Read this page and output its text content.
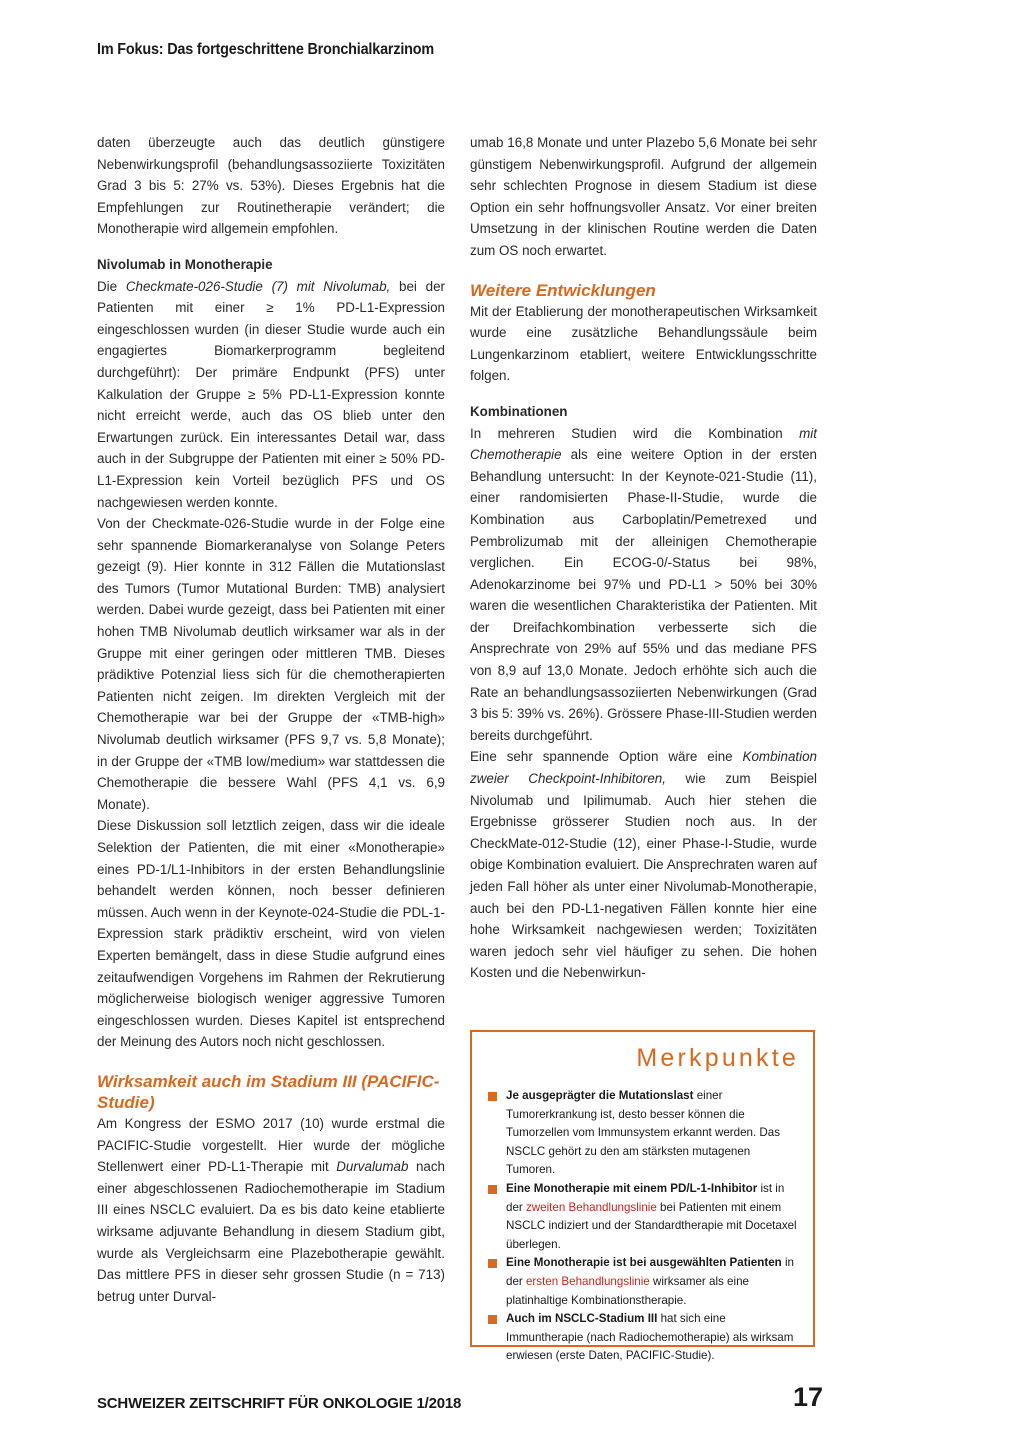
Im Fokus: Das fortgeschrittene Bronchialkarzinom

daten überzeugte auch das deutlich günstigere Nebenwirkungsprofil (behandlungsassoziierte Toxizitäten Grad 3 bis 5: 27% vs. 53%). Dieses Ergebnis hat die Empfehlungen zur Routinetherapie verändert; die Monotherapie wird allgemein empfohlen.

Nivolumab in Monotherapie

Die Checkmate-026-Studie (7) mit Nivolumab, bei der Patienten mit einer ≥ 1% PD-L1-Expression eingeschlossen wurden (in dieser Studie wurde auch ein engagiertes Biomarkerprogramm begleitend durchgeführt): Der primäre Endpunkt (PFS) unter Kalkulation der Gruppe ≥ 5% PD-L1-Expression konnte nicht erreicht werde, auch das OS blieb unter den Erwartungen zurück. Ein interessantes Detail war, dass auch in der Subgruppe der Patienten mit einer ≥ 50% PD-L1-Expression kein Vorteil bezüglich PFS und OS nachgewiesen werden konnte.

Von der Checkmate-026-Studie wurde in der Folge eine sehr spannende Biomarkeranalyse von Solange Peters gezeigt (9). Hier konnte in 312 Fällen die Mutationslast des Tumors (Tumor Mutational Burden: TMB) analysiert werden. Dabei wurde gezeigt, dass bei Patienten mit einer hohen TMB Nivolumab deutlich wirksamer war als in der Gruppe mit einer geringen oder mittleren TMB. Dieses prädiktive Potenzial liess sich für die chemotherapierten Patienten nicht zeigen. Im direkten Vergleich mit der Chemotherapie war bei der Gruppe der «TMB-high» Nivolumab deutlich wirksamer (PFS 9,7 vs. 5,8 Monate); in der Gruppe der «TMB low/medium» war stattdessen die Chemotherapie die bessere Wahl (PFS 4,1 vs. 6,9 Monate).

Diese Diskussion soll letztlich zeigen, dass wir die ideale Selektion der Patienten, die mit einer «Monotherapie» eines PD-1/L1-Inhibitors in der ersten Behandlungslinie behandelt werden können, noch besser definieren müssen. Auch wenn in der Keynote-024-Studie die PDL-1-Expression stark prädiktiv erscheint, wird von vielen Experten bemängelt, dass in diese Studie aufgrund eines zeitaufwendigen Vorgehens im Rahmen der Rekrutierung möglicherweise biologisch weniger aggressive Tumoren eingeschlossen wurden. Dieses Kapitel ist entsprechend der Meinung des Autors noch nicht geschlossen.

Wirksamkeit auch im Stadium III (PACIFIC-Studie)

Am Kongress der ESMO 2017 (10) wurde erstmal die PACIFIC-Studie vorgestellt. Hier wurde der mögliche Stellenwert einer PD-L1-Therapie mit Durvalumab nach einer abgeschlossenen Radiochemotherapie im Stadium III eines NSCLC evaluiert. Da es bis dato keine etablierte wirksame adjuvante Behandlung in diesem Stadium gibt, wurde als Vergleichsarm eine Plazebotherapie gewählt. Das mittlere PFS in dieser sehr grossen Studie (n = 713) betrug unter Durval-

umab 16,8 Monate und unter Plazebo 5,6 Monate bei sehr günstigem Nebenwirkungsprofil. Aufgrund der allgemein sehr schlechten Prognose in diesem Stadium ist diese Option ein sehr hoffnungsvoller Ansatz. Vor einer breiten Umsetzung in der klinischen Routine werden die Daten zum OS noch erwartet.

Weitere Entwicklungen

Mit der Etablierung der monotherapeutischen Wirksamkeit wurde eine zusätzliche Behandlungssäule beim Lungenkarzinom etabliert, weitere Entwicklungsschritte folgen.

Kombinationen

In mehreren Studien wird die Kombination mit Chemotherapie als eine weitere Option in der ersten Behandlung untersucht: In der Keynote-021-Studie (11), einer randomisierten Phase-II-Studie, wurde die Kombination aus Carboplatin/Pemetrexed und Pembrolizumab mit der alleinigen Chemotherapie verglichen. Ein ECOG-0/-Status bei 98%, Adenokarzinome bei 97% und PD-L1 > 50% bei 30% waren die wesentlichen Charakteristika der Patienten. Mit der Dreifachkombination verbesserte sich die Ansprechrate von 29% auf 55% und das mediane PFS von 8,9 auf 13,0 Monate. Jedoch erhöhte sich auch die Rate an behandlungsassoziierten Nebenwirkungen (Grad 3 bis 5: 39% vs. 26%). Grössere Phase-III-Studien werden bereits durchgeführt.

Eine sehr spannende Option wäre eine Kombination zweier Checkpoint-Inhibitoren, wie zum Beispiel Nivolumab und Ipilimumab. Auch hier stehen die Ergebnisse grösserer Studien noch aus. In der CheckMate-012-Studie (12), einer Phase-I-Studie, wurde obige Kombination evaluiert. Die Ansprechraten waren auf jeden Fall höher als unter einer Nivolumab-Monotherapie, auch bei den PD-L1-negativen Fällen konnte hier eine hohe Wirksamkeit nachgewiesen werden; Toxizitäten waren jedoch sehr viel häufiger zu sehen. Die hohen Kosten und die Nebenwirkun-

Merkpunkte
Je ausgeprägter die Mutationslast einer Tumorerkrankung ist, desto besser können die Tumorzellen vom Immunsystem erkannt werden. Das NSCLC gehört zu den am stärksten mutagenen Tumoren.
Eine Monotherapie mit einem PD/L-1-Inhibitor ist in der zweiten Behandlungslinie bei Patienten mit einem NSCLC indiziert und der Standardtherapie mit Docetaxel überlegen.
Eine Monotherapie ist bei ausgewählten Patienten in der ersten Behandlungslinie wirksamer als eine platinhaltige Kombinationstherapie.
Auch im NSCLC-Stadium III hat sich eine Immuntherapie (nach Radiochemotherapie) als wirksam erwiesen (erste Daten, PACIFIC-Studie).
SCHWEIZER ZEITSCHRIFT FÜR ONKOLOGIE 1/2018	17
